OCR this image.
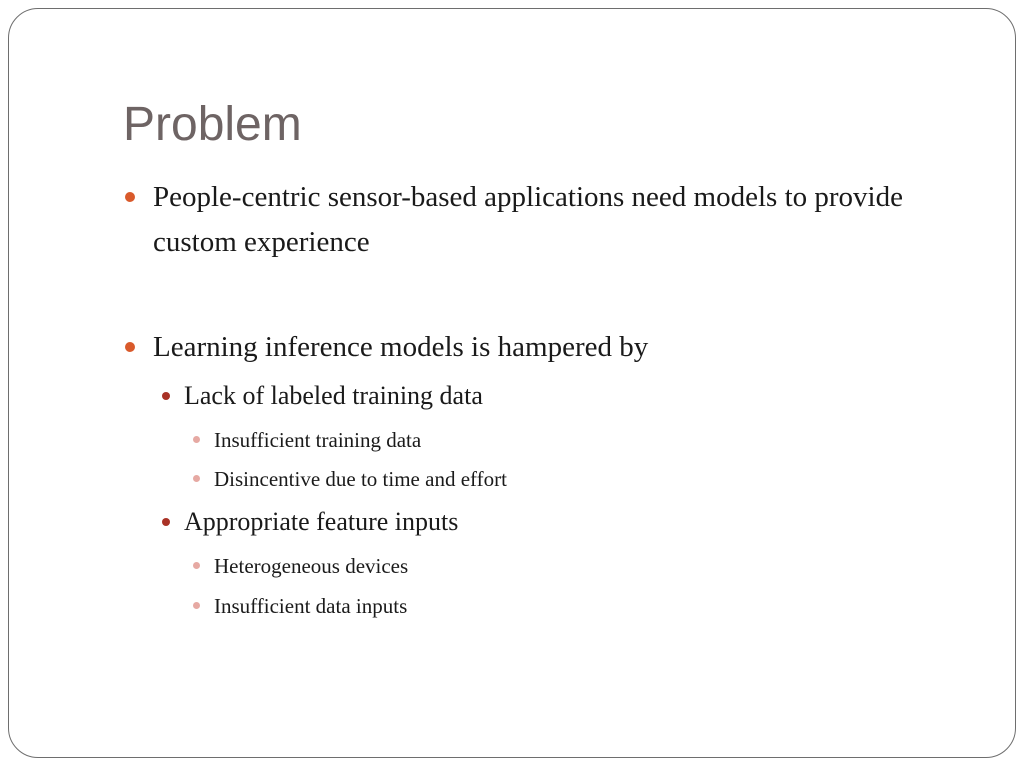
Problem
People-centric sensor-based applications need models to provide custom experience
Learning inference models is hampered by
Lack of labeled training data
Insufficient training data
Disincentive due to time and effort
Appropriate feature inputs
Heterogeneous devices
Insufficient data inputs
